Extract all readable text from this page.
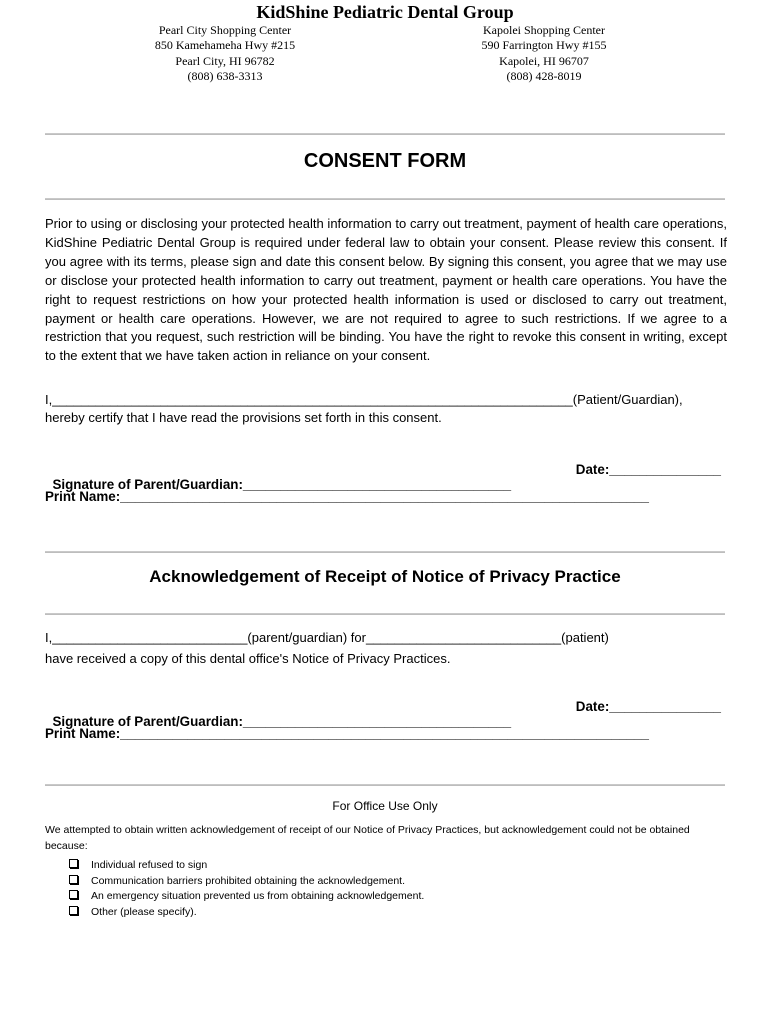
KidShine Pediatric Dental Group
Pearl City Shopping Center
850 Kamehameha Hwy #215
Pearl City, HI 96782
(808) 638-3313
Kapolei Shopping Center
590 Farrington Hwy #155
Kapolei, HI 96707
(808) 428-8019
CONSENT FORM
Prior to using or disclosing your protected health information to carry out treatment, payment of health care operations, KidShine Pediatric Dental Group is required under federal law to obtain your consent. Please review this consent. If you agree with its terms, please sign and date this consent below. By signing this consent, you agree that we may use or disclose your protected health information to carry out treatment, payment or health care operations. You have the right to request restrictions on how your protected health information is used or disclosed to carry out treatment, payment or health care operations. However, we are not required to agree to such restrictions. If we agree to a restriction that you request, such restriction will be binding. You have the right to revoke this consent in writing, except to the extent that we have taken action in reliance on your consent.
I,________________________________________________________________________(Patient/Guardian),
hereby certify that I have read the provisions set forth in this consent.

Signature of Parent/Guardian:____________________________________

Date:_______________

Print Name:_______________________________________________________________________
Acknowledgement of Receipt of Notice of Privacy Practice
I,___________________________(parent/guardian) for___________________________(patient)
have received a copy of this dental office's Notice of Privacy Practices.

Signature of Parent/Guardian:____________________________________

Date:_______________

Print Name:_______________________________________________________________________
For Office Use Only
We attempted to obtain written acknowledgement of receipt of our Notice of Privacy Practices, but acknowledgement could not be obtained because:
Individual refused to sign
Communication barriers prohibited obtaining the acknowledgement.
An emergency situation prevented us from obtaining acknowledgement.
Other (please specify).
